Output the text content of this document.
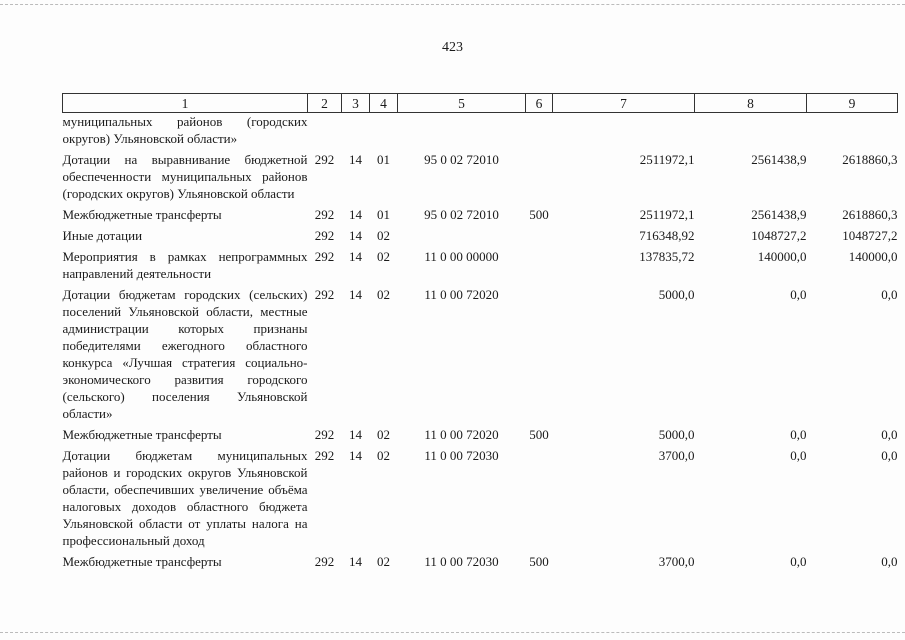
423
1	2	3	4	5	6	7	8	9
муниципальных районов (городских округов) Ульяновской области»								
Дотации на выравнивание бюджетной обеспеченности муниципальных районов (городских округов) Ульяновской области	292	14	01	95 0 02 72010		2511972,1	2561438,9	2618860,3
Межбюджетные трансферты	292	14	01	95 0 02 72010	500	2511972,1	2561438,9	2618860,3
Иные дотации	292	14	02			716348,92	1048727,2	1048727,2
Мероприятия в рамках непрограммных направлений деятельности	292	14	02	11 0 00 00000		137835,72	140000,0	140000,0
Дотации бюджетам городских (сельских) поселений Ульяновской области, местные администрации которых признаны победителями ежегодного областного конкурса «Лучшая стратегия социально-экономического развития городского (сельского) поселения Ульяновской области»	292	14	02	11 0 00 72020		5000,0	0,0	0,0
Межбюджетные трансферты	292	14	02	11 0 00 72020	500	5000,0	0,0	0,0
Дотации бюджетам муниципальных районов и городских округов Ульяновской области, обеспечивших увеличение объёма налоговых доходов областного бюджета Ульяновской области от уплаты налога на профессиональный доход	292	14	02	11 0 00 72030		3700,0	0,0	0,0
Межбюджетные трансферты	292	14	02	11 0 00 72030	500	3700,0	0,0	0,0
